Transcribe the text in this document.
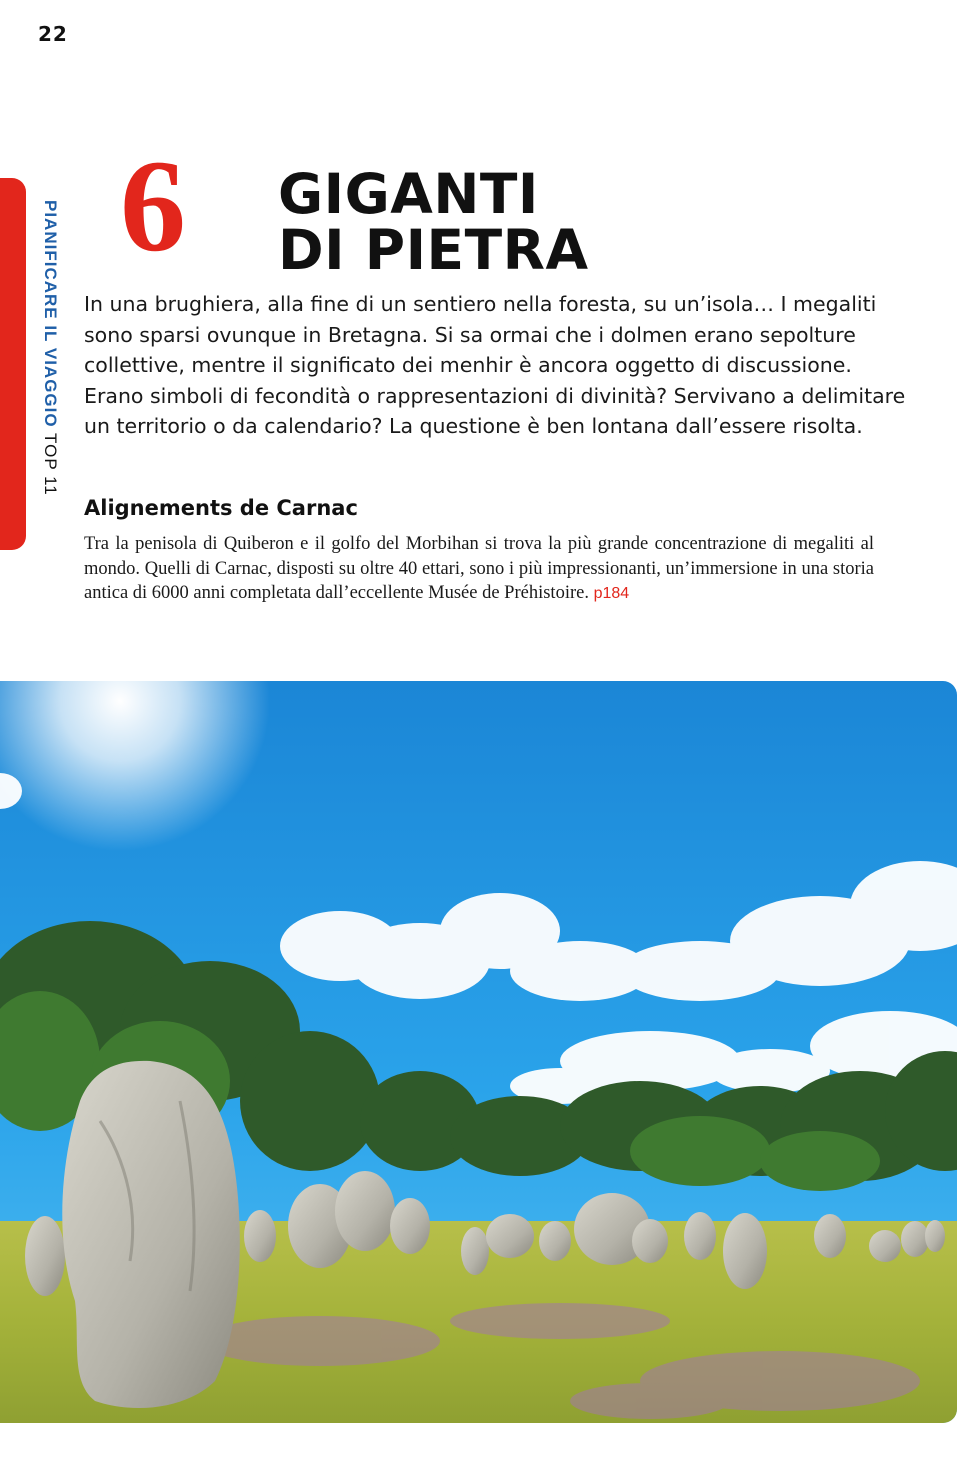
22
PIANIFICARE IL VIAGGIO TOP 11
6 GIGANTI
DI PIETRA

In una brughiera, alla fine di un sentiero nella foresta, su un’isola… I megaliti sono sparsi ovunque in Bretagna. Si sa ormai che i dolmen erano sepolture collettive, mentre il significato dei menhir è ancora oggetto di discussione. Erano simboli di fecondità o rappresentazioni di divinità? Servivano a delimitare un territorio o da calendario? La questione è ben lontana dall’essere risolta.

Alignements de Carnac

Tra la penisola di Quiberon e il golfo del Morbihan si trova la più grande concentrazione di megaliti al mondo. Quelli di Carnac, disposti su oltre 40 ettari, sono i più impressionanti, un’immersione in una storia antica di 6000 anni completata dall’eccellente Musée de Préhistoire. p184
